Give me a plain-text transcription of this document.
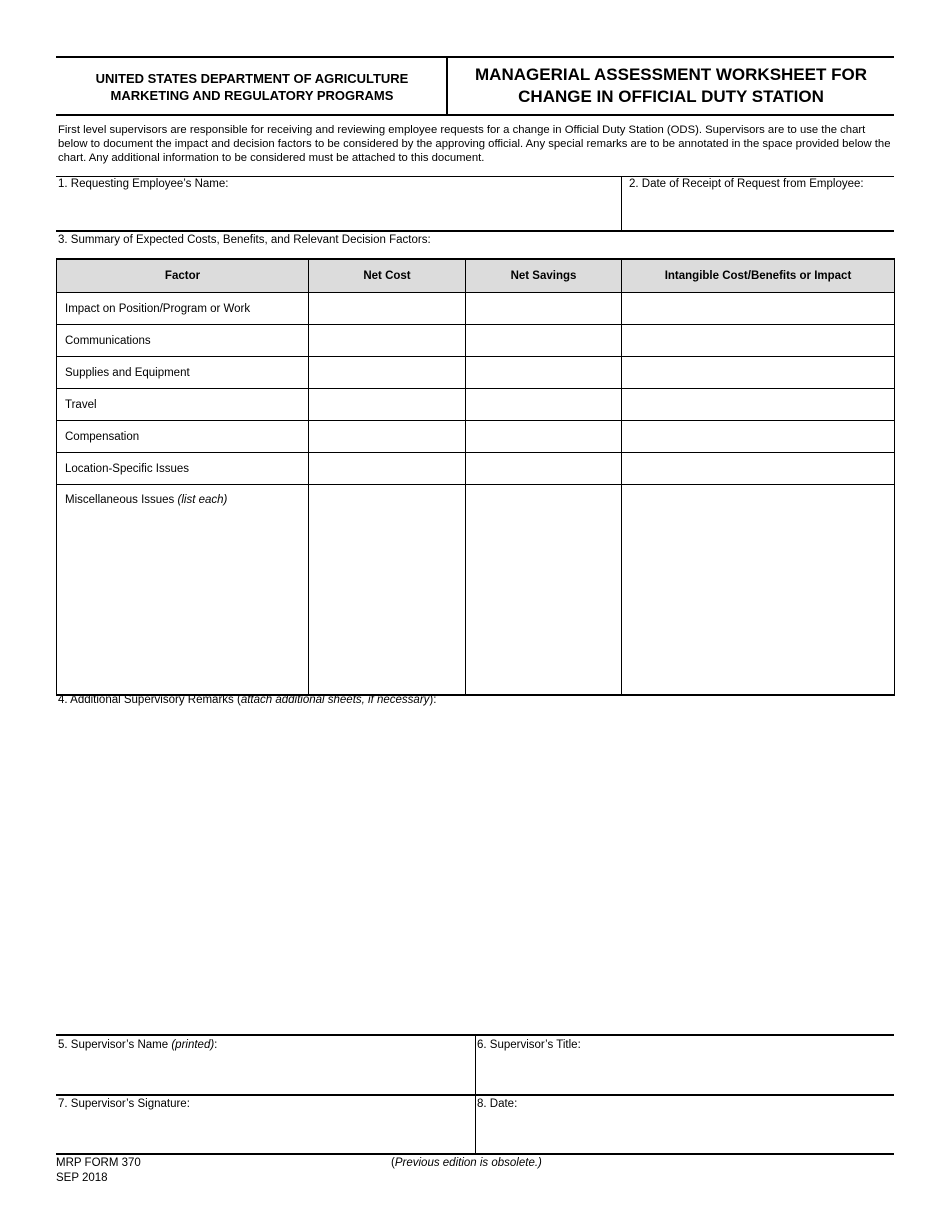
UNITED STATES DEPARTMENT OF AGRICULTURE
MARKETING AND REGULATORY PROGRAMS
MANAGERIAL ASSESSMENT WORKSHEET FOR
CHANGE IN OFFICIAL DUTY STATION
First level supervisors are responsible for receiving and reviewing employee requests for a change in Official Duty Station (ODS). Supervisors are to use the chart below to document the impact and decision factors to be considered by the approving official. Any special remarks are to be annotated in the space provided below the chart. Any additional information to be considered must be attached to this document.
1. Requesting Employee’s Name:	2. Date of Receipt of Request from Employee:
3. Summary of Expected Costs, Benefits, and Relevant Decision Factors:
Factor	Net Cost	Net Savings	Intangible Cost/Benefits or Impact
Impact on Position/Program or Work			
Communications			
Supplies and Equipment			
Travel			
Compensation			
Location-Specific Issues			
Miscellaneous Issues (list each)			
4. Additional Supervisory Remarks (attach additional sheets, if necessary):
5. Supervisor’s Name (printed):	6. Supervisor’s Title:
7. Supervisor’s Signature:	8. Date:
MRP FORM 370
SEP 2018
(Previous edition is obsolete.)
